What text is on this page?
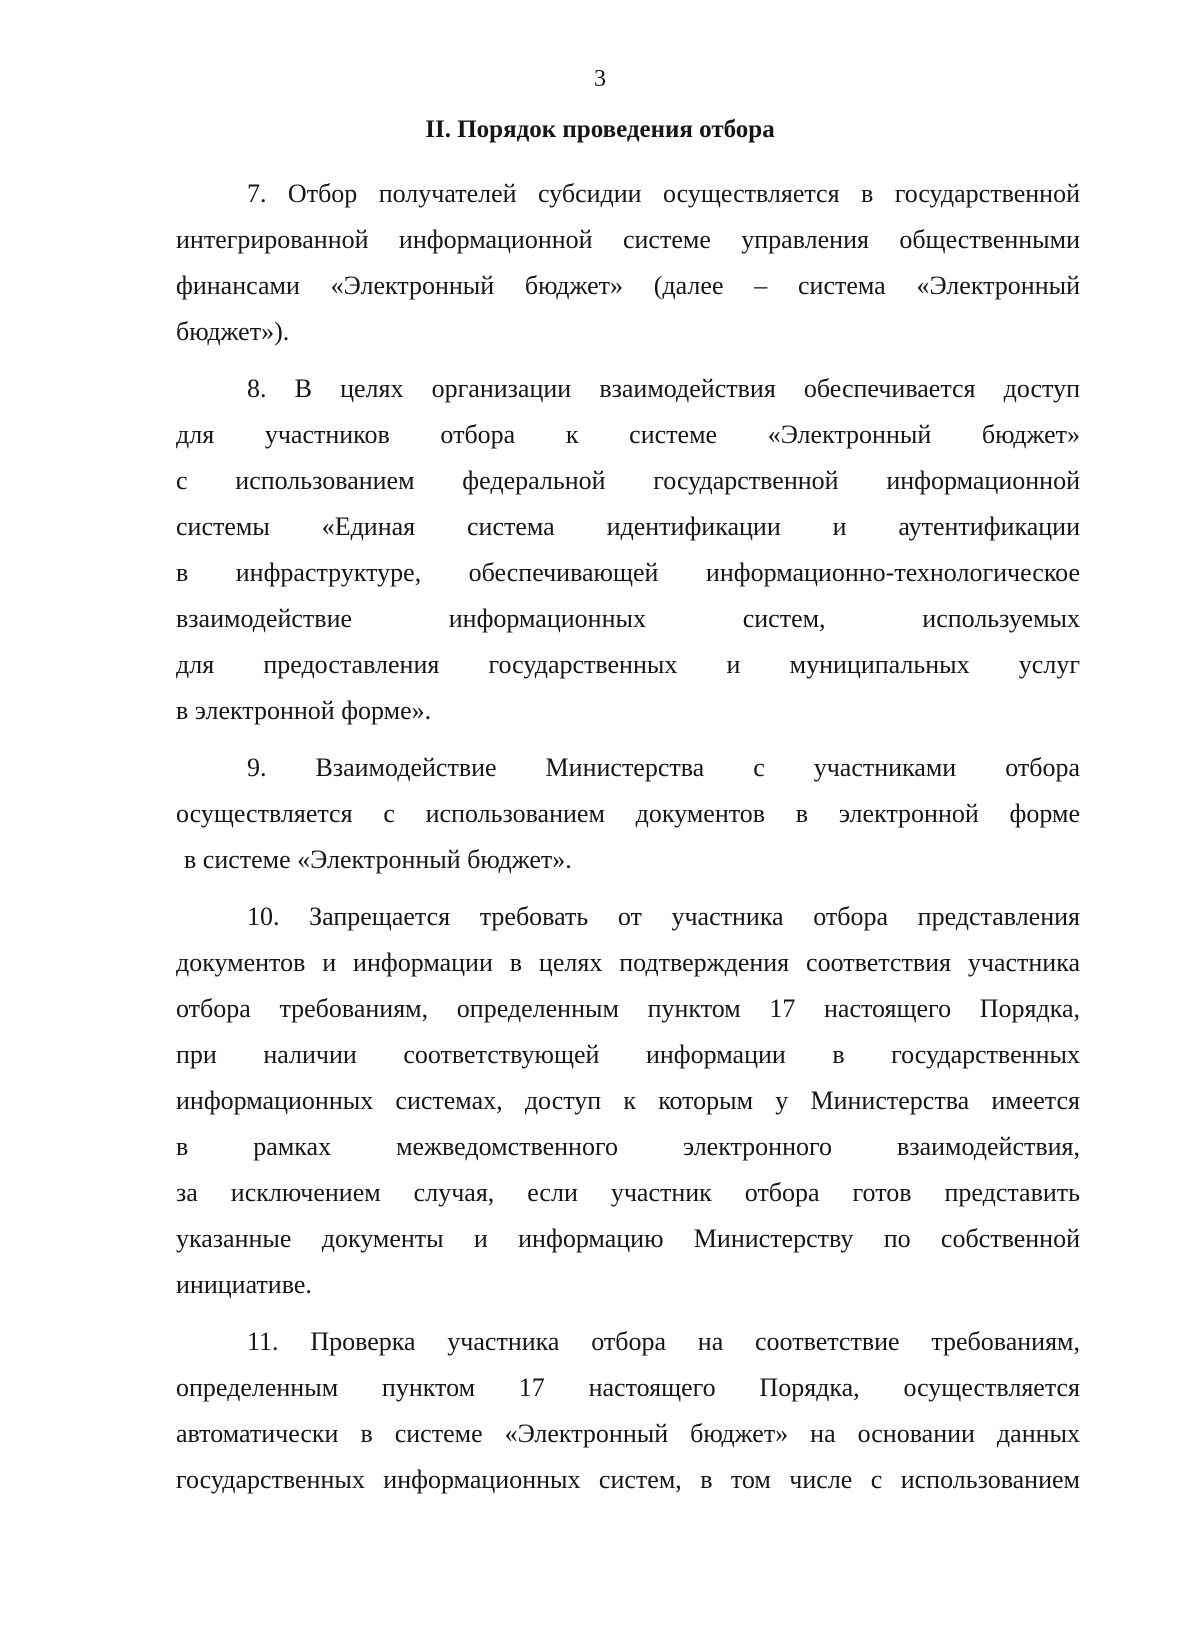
3
II. Порядок проведения отбора

7. Отбор получателей субсидии осуществляется в государственной
интегрированной информационной системе управления общественными
финансами «Электронный бюджет» (далее – система «Электронный
бюджет»).

8. В целях организации взаимодействия обеспечивается доступ
для участников отбора к системе «Электронный бюджет»
с использованием федеральной государственной информационной
системы «Единая система идентификации и аутентификации
в инфраструктуре, обеспечивающей информационно-технологическое
взаимодействие информационных систем, используемых
для предоставления государственных и муниципальных услуг
в электронной форме».

9. Взаимодействие Министерства с участниками отбора
осуществляется с использованием документов в электронной форме
в системе «Электронный бюджет».

10. Запрещается требовать от участника отбора представления
документов и информации в целях подтверждения соответствия участника
отбора требованиям, определенным пунктом 17 настоящего Порядка,
при наличии соответствующей информации в государственных
информационных системах, доступ к которым у Министерства имеется
в рамках межведомственного электронного взаимодействия,
за исключением случая, если участник отбора готов представить
указанные документы и информацию Министерству по собственной
инициативе.

11. Проверка участника отбора на соответствие требованиям,
определенным пунктом 17 настоящего Порядка, осуществляется
автоматически в системе «Электронный бюджет» на основании данных
государственных информационных систем, в том числе с использованием
